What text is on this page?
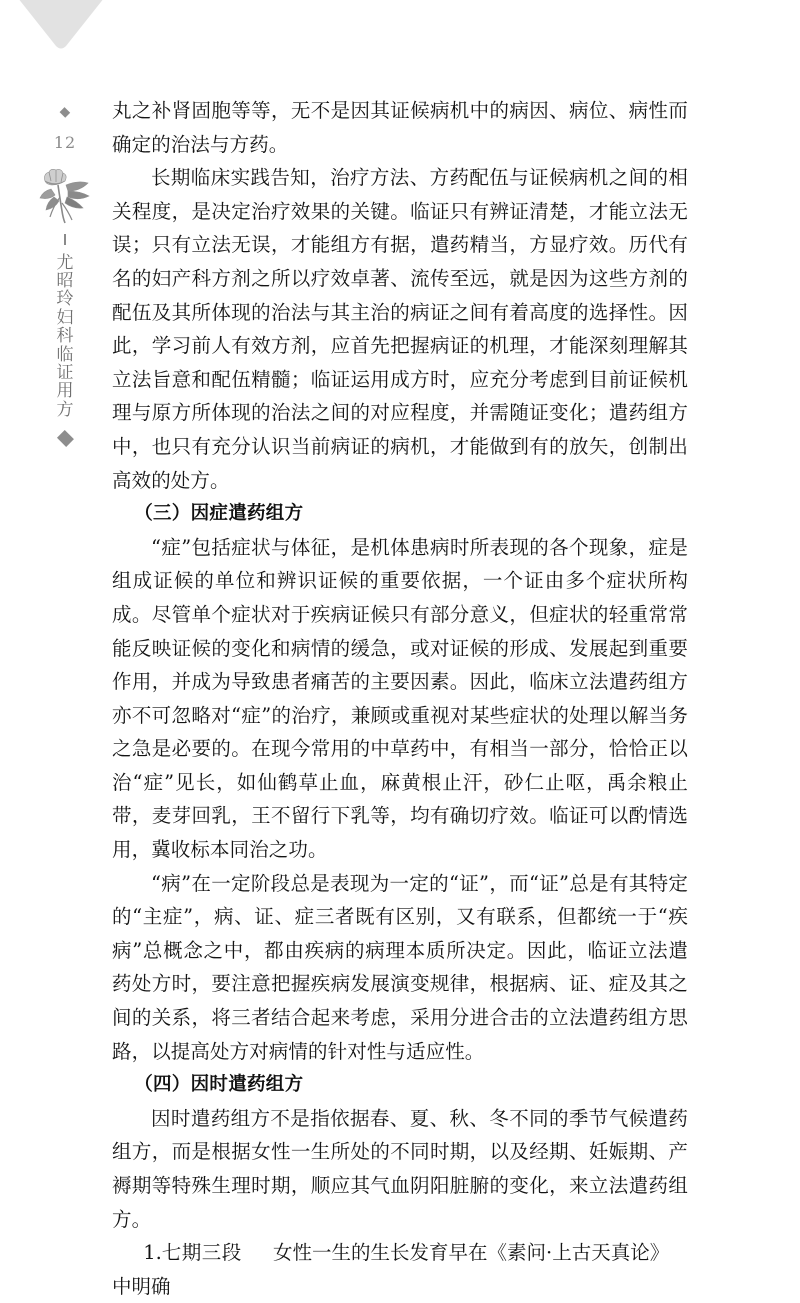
12
尤昭玲妇科临证用方

丸之补肾固胞等等，无不是因其证候病机中的病因、病位、病性而确定的治法与方药。

长期临床实践告知，治疗方法、方药配伍与证候病机之间的相关程度，是决定治疗效果的关键。临证只有辨证清楚，才能立法无误；只有立法无误，才能组方有据，遣药精当，方显疗效。历代有名的妇产科方剂之所以疗效卓著、流传至远，就是因为这些方剂的配伍及其所体现的治法与其主治的病证之间有着高度的选择性。因此，学习前人有效方剂，应首先把握病证的机理，才能深刻理解其立法旨意和配伍精髓；临证运用成方时，应充分考虑到目前证候机理与原方所体现的治法之间的对应程度，并需随证变化；遣药组方中，也只有充分认识当前病证的病机，才能做到有的放矢，创制出高效的处方。

（三）因症遣药组方

“症”包括症状与体征，是机体患病时所表现的各个现象，症是组成证候的单位和辨识证候的重要依据，一个证由多个症状所构成。尽管单个症状对于疾病证候只有部分意义，但症状的轻重常常能反映证候的变化和病情的缓急，或对证候的形成、发展起到重要作用，并成为导致患者痛苦的主要因素。因此，临床立法遣药组方亦不可忽略对“症”的治疗，兼顾或重视对某些症状的处理以解当务之急是必要的。在现今常用的中草药中，有相当一部分，恰恰正以治“症”见长，如仙鹤草止血，麻黄根止汗，砂仁止呕，禹余粮止带，麦芽回乳，王不留行下乳等，均有确切疗效。临证可以酌情选用，冀收标本同治之功。

“病”在一定阶段总是表现为一定的“证”，而“证”总是有其特定的“主症”，病、证、症三者既有区别，又有联系，但都统一于“疾病”总概念之中，都由疾病的病理本质所决定。因此，临证立法遣药处方时，要注意把握疾病发展演变规律，根据病、证、症及其之间的关系，将三者结合起来考虑，采用分进合击的立法遣药组方思路，以提高处方对病情的针对性与适应性。

（四）因时遣药组方

因时遣药组方不是指依据春、夏、秋、冬不同的季节气候遣药组方，而是根据女性一生所处的不同时期，以及经期、妊娠期、产褥期等特殊生理时期，顺应其气血阴阳脏腑的变化，来立法遣药组方。

1.七期三段 女性一生的生长发育早在《素问·上古天真论》中明确
